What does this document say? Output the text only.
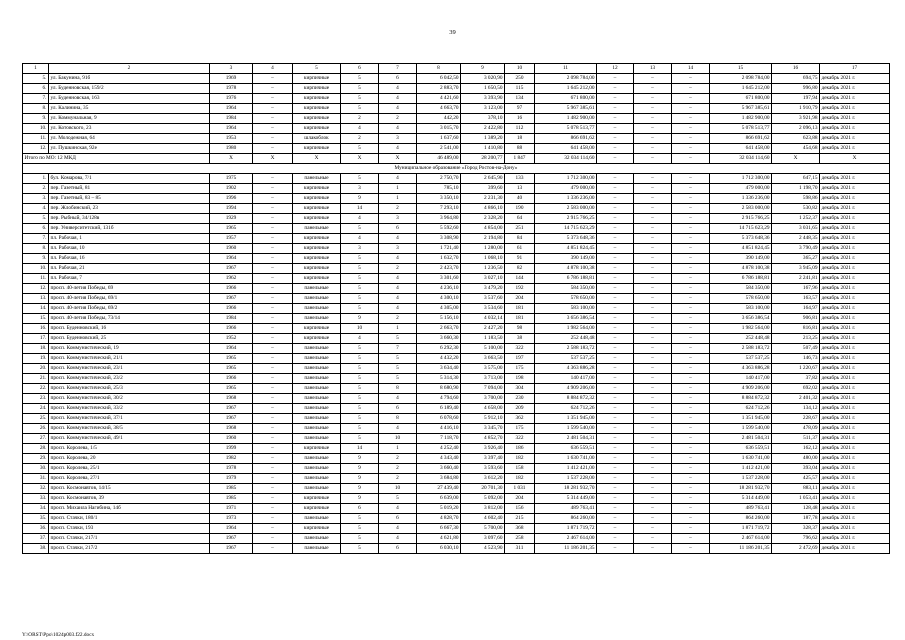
39
1	2	3	4	5	6	7	8	9	10	11	12	13	14	15	16	17
5.	ул. Бакунина, 91б	1969	–	кирпичные	5	6	6 042,50	3 020,90	250	2 098 784,00	–	–	–	2 098 784,00	694,75	декабрь 2021 г.
6.	ул. Буденновская, 159/2	1978	–	кирпичные	5	4	2 883,70	1 650,50	115	1 645 212,00	–	–	–	1 645 212,00	996,80	декабрь 2021 г.
7.	ул. Буденновская, 163	1976	–	кирпичные	5	4	4 421,60	3 393,90	134	671 800,00	–	–	–	671 800,00	197,94	декабрь 2021 г.
8.	ул. Калинина, 35	1964	–	кирпичные	5	4	4 663,70	3 123,00	97	5 967 385,61	–	–	–	5 967 385,61	1 910,79	декабрь 2021 г.
9.	ул. Коммунальная, 9	1984	–	кирпичные	2	2	442,20	378,10	16	1 482 900,00	–	–	–	1 482 900,00	3 921,98	декабрь 2021 г.
10.	ул. Котовского, 23	1964	–	кирпичные	4	4	3 015,70	2 422,80	112	5 078 513,77	–	–	–	5 078 513,77	2 096,13	декабрь 2021 г.
11.	ул. Молодежная, 64	1953	–	шлакоблок	2	3	1 637,60	1 389,20	18	866 691,62	–	–	–	866 691,62	623,88	декабрь 2021 г.
12.	ул. Пушкинская, 92е	1980	–	кирпичные	5	4	2 541,00	1 410,80	88	641 458,00	–	–	–	641 458,00	454,68	декабрь 2021 г.
Итого по МО: 12 МКД		X	X	X	X	X	46 489,00	28 200,77	1 847	32 034 114,60	–	–	–	32 034 114,60	X	X
Муниципальное образование «Город Ростов-на-Дону»																
1.	бул. Комарова, 7/1	1975	–	панельные	5	4	2 750,70	2 645,90	133	1 712 300,00	–	–	–	1 712 300,00	647,15	декабрь 2021 г.
2.	пер. Газетный, 81	1902	–	кирпичные	3	1	785,10	399,60	13	479 000,00	–	–	–	479 000,00	1 198,70	декабрь 2021 г.
3.	пер. Газетный, 83 – 85	1996	–	кирпичные	9	1	3 350,10	2 231,30	40	1 336 236,00	–	–	–	1 336 236,00	598,86	декабрь 2021 г.
4.	пер. Жлобинский, 23	1994	–	кирпичные	14	2	7 293,10	4 866,10	190	2 583 000,00	–	–	–	2 583 000,00	530,82	декабрь 2021 г.
5.	пер. Рыбный, 34/128в	1929	–	кирпичные	4	3	3 964,80	2 328,20	64	2 915 766,25	–	–	–	2 915 766,25	1 252,37	декабрь 2021 г.
6.	пер. Университетский, 131б	1965	–	панельные	5	6	5 592,60	4 854,00	251	14 715 623,29	–	–	–	14 715 623,29	3 031,65	декабрь 2021 г.
7.	пл. Рабочая, 1	1957	–	кирпичные	4	4	3 308,90	2 194,80	84	5 373 648,36	–	–	–	5 373 648,36	2 448,35	декабрь 2021 г.
8.	пл. Рабочая, 10	1960	–	кирпичные	3	3	1 721,40	1 280,00	61	4 851 824,45	–	–	–	4 851 824,45	3 790,49	декабрь 2021 г.
9.	пл. Рабочая, 16	1964	–	кирпичные	5	4	1 632,70	1 068,10	91	390 149,00	–	–	–	390 149,00	365,27	декабрь 2021 г.
10.	пл. Рабочая, 21	1967	–	кирпичные	5	2	2 423,70	1 236,50	82	4 878 100,38	–	–	–	4 878 100,38	3 945,09	декабрь 2021 г.
11.	пл. Рабочая, 7	1962	–	кирпичные	5	4	3 301,60	3 027,10	144	6 786 188,81	–	–	–	6 786 188,81	2 241,81	декабрь 2021 г.
12.	просп. 40-летия Победы, 69	1966	–	панельные	5	4	4 236,10	3 479,20	192	584 350,00	–	–	–	584 350,00	167,96	декабрь 2021 г.
13.	просп. 40-летия Победы, 69/1	1967	–	панельные	5	4	4 300,10	3 537,60	204	578 650,00	–	–	–	578 650,00	163,57	декабрь 2021 г.
14.	просп. 40-летия Победы, 69/2	1966	–	панельные	5	4	4 305,00	3 534,60	181	583 100,00	–	–	–	583 100,00	164,97	декабрь 2021 г.
15.	просп. 40-летия Победы, 73/14	1984	–	панельные	9	2	5 156,10	4 032,14	181	3 656 386,54	–	–	–	3 656 386,54	906,81	декабрь 2021 г.
16.	просп. Буденновский, 16	1966	–	кирпичные	10	1	2 663,70	2 427,20	98	1 982 564,00	–	–	–	1 982 564,00	816,81	декабрь 2021 г.
17.	просп. Буденновский, 25	1952	–	кирпичные	4	5	3 660,30	1 183,50	38	252 448,48	–	–	–	252 448,48	213,25	декабрь 2021 г.
18.	просп. Коммунистический, 19	1964	–	панельные	5	7	6 292,30	5 100,00	322	2 588 183,72	–	–	–	2 588 183,72	507,49	декабрь 2021 г.
19.	просп. Коммунистический, 21/1	1965	–	панельные	5	5	4 432,20	3 663,50	197	537 537,25	–	–	–	537 537,25	146,73	декабрь 2021 г.
20.	просп. Коммунистический, 23/1	1965	–	панельные	5	5	3 634,40	3 575,00	175	4 363 886,28	–	–	–	4 363 886,28	1 220,67	декабрь 2021 г.
21.	просп. Коммунистический, 23/2	1966	–	панельные	5	5	5 314,30	3 713,00	198	140 417,00	–	–	–	140 417,00	37,82	декабрь 2021 г.
22.	просп. Коммунистический, 25/3	1965	–	панельные	5	8	8 680,90	7 094,00	304	4 909 206,00	–	–	–	4 909 206,00	692,02	декабрь 2021 г.
23.	просп. Коммунистический, 30/2	1968	–	панельные	5	4	4 794,60	3 700,00	230	8 884 872,32	–	–	–	8 884 872,32	2 401,32	декабрь 2021 г.
24.	просп. Коммунистический, 33/2	1967	–	панельные	5	6	6 189,40	4 658,00	209	624 712,26	–	–	–	624 712,26	134,12	декабрь 2021 г.
25.	просп. Коммунистический, 37/1	1967	–	панельные	5	8	6 078,60	5 912,10	362	1 351 945,00	–	–	–	1 351 945,00	228,67	декабрь 2021 г.
26.	просп. Коммунистический, 38/5	1968	–	панельные	5	4	4 416,10	3 345,70	175	1 599 540,00	–	–	–	1 599 540,00	478,09	декабрь 2021 г.
27.	просп. Коммунистический, 49/1	1960	–	панельные	5	10	7 118,70	4 852,70	322	2 481 504,31	–	–	–	2 481 504,31	511,37	декабрь 2021 г.
28.	просп. Королева, 1/5	1999	–	кирпичные	14	1	4 252,40	3 926,40	186	636 559,51	–	–	–	636 559,51	162,12	декабрь 2021 г.
29.	просп. Королева, 20	1982	–	панельные	9	2	4 343,40	3 397,40	182	1 630 741,00	–	–	–	1 630 741,00	480,00	декабрь 2021 г.
30.	просп. Королева, 25/1	1978	–	панельные	9	2	3 660,40	3 593,60	158	1 412 421,00	–	–	–	1 412 421,00	393,04	декабрь 2021 г.
31.	просп. Королева, 27/1	1979	–	панельные	9	2	3 684,80	3 612,20	182	1 537 228,00	–	–	–	1 537 228,00	425,57	декабрь 2021 г.
32.	просп. Космонавтов, 14/15	1985	–	панельные	9	10	27 439,40	20 701,30	1 031	18 281 932,70	–	–	–	18 281 932,70	883,11	декабрь 2021 г.
33.	просп. Космонавтов, 39	1985	–	кирпичные	9	5	6 639,00	5 092,00	204	5 314 449,00	–	–	–	5 314 449,00	1 053,41	декабрь 2021 г.
34.	просп. Михаила Нагибина, 14б	1971	–	кирпичные	6	4	5 019,20	3 812,00	156	489 763,41	–	–	–	489 763,41	128,48	декабрь 2021 г.
35.	просп. Стачки, 180/1	1973	–	панельные	5	6	4 828,70	4 602,40	215	864 260,00	–	–	–	864 260,00	187,78	декабрь 2021 г.
36.	просп. Стачки, 193	1964	–	кирпичные	5	4	6 667,30	5 700,00	368	1 871 719,72	–	–	–	1 871 719,72	328,37	декабрь 2021 г.
37.	просп. Стачки, 217/1	1967	–	панельные	5	4	4 621,80	3 097,60	258	2 467 614,00	–	–	–	2 467 614,00	796,62	декабрь 2021 г.
38.	просп. Стачки, 217/2	1967	–	панельные	5	6	6 030,10	4 523,90	311	11 186 201,35	–	–	–	11 186 201,35	2 472,69	декабрь 2021 г.
Y:\ORST\Ppo\1024p003.f22.docx
